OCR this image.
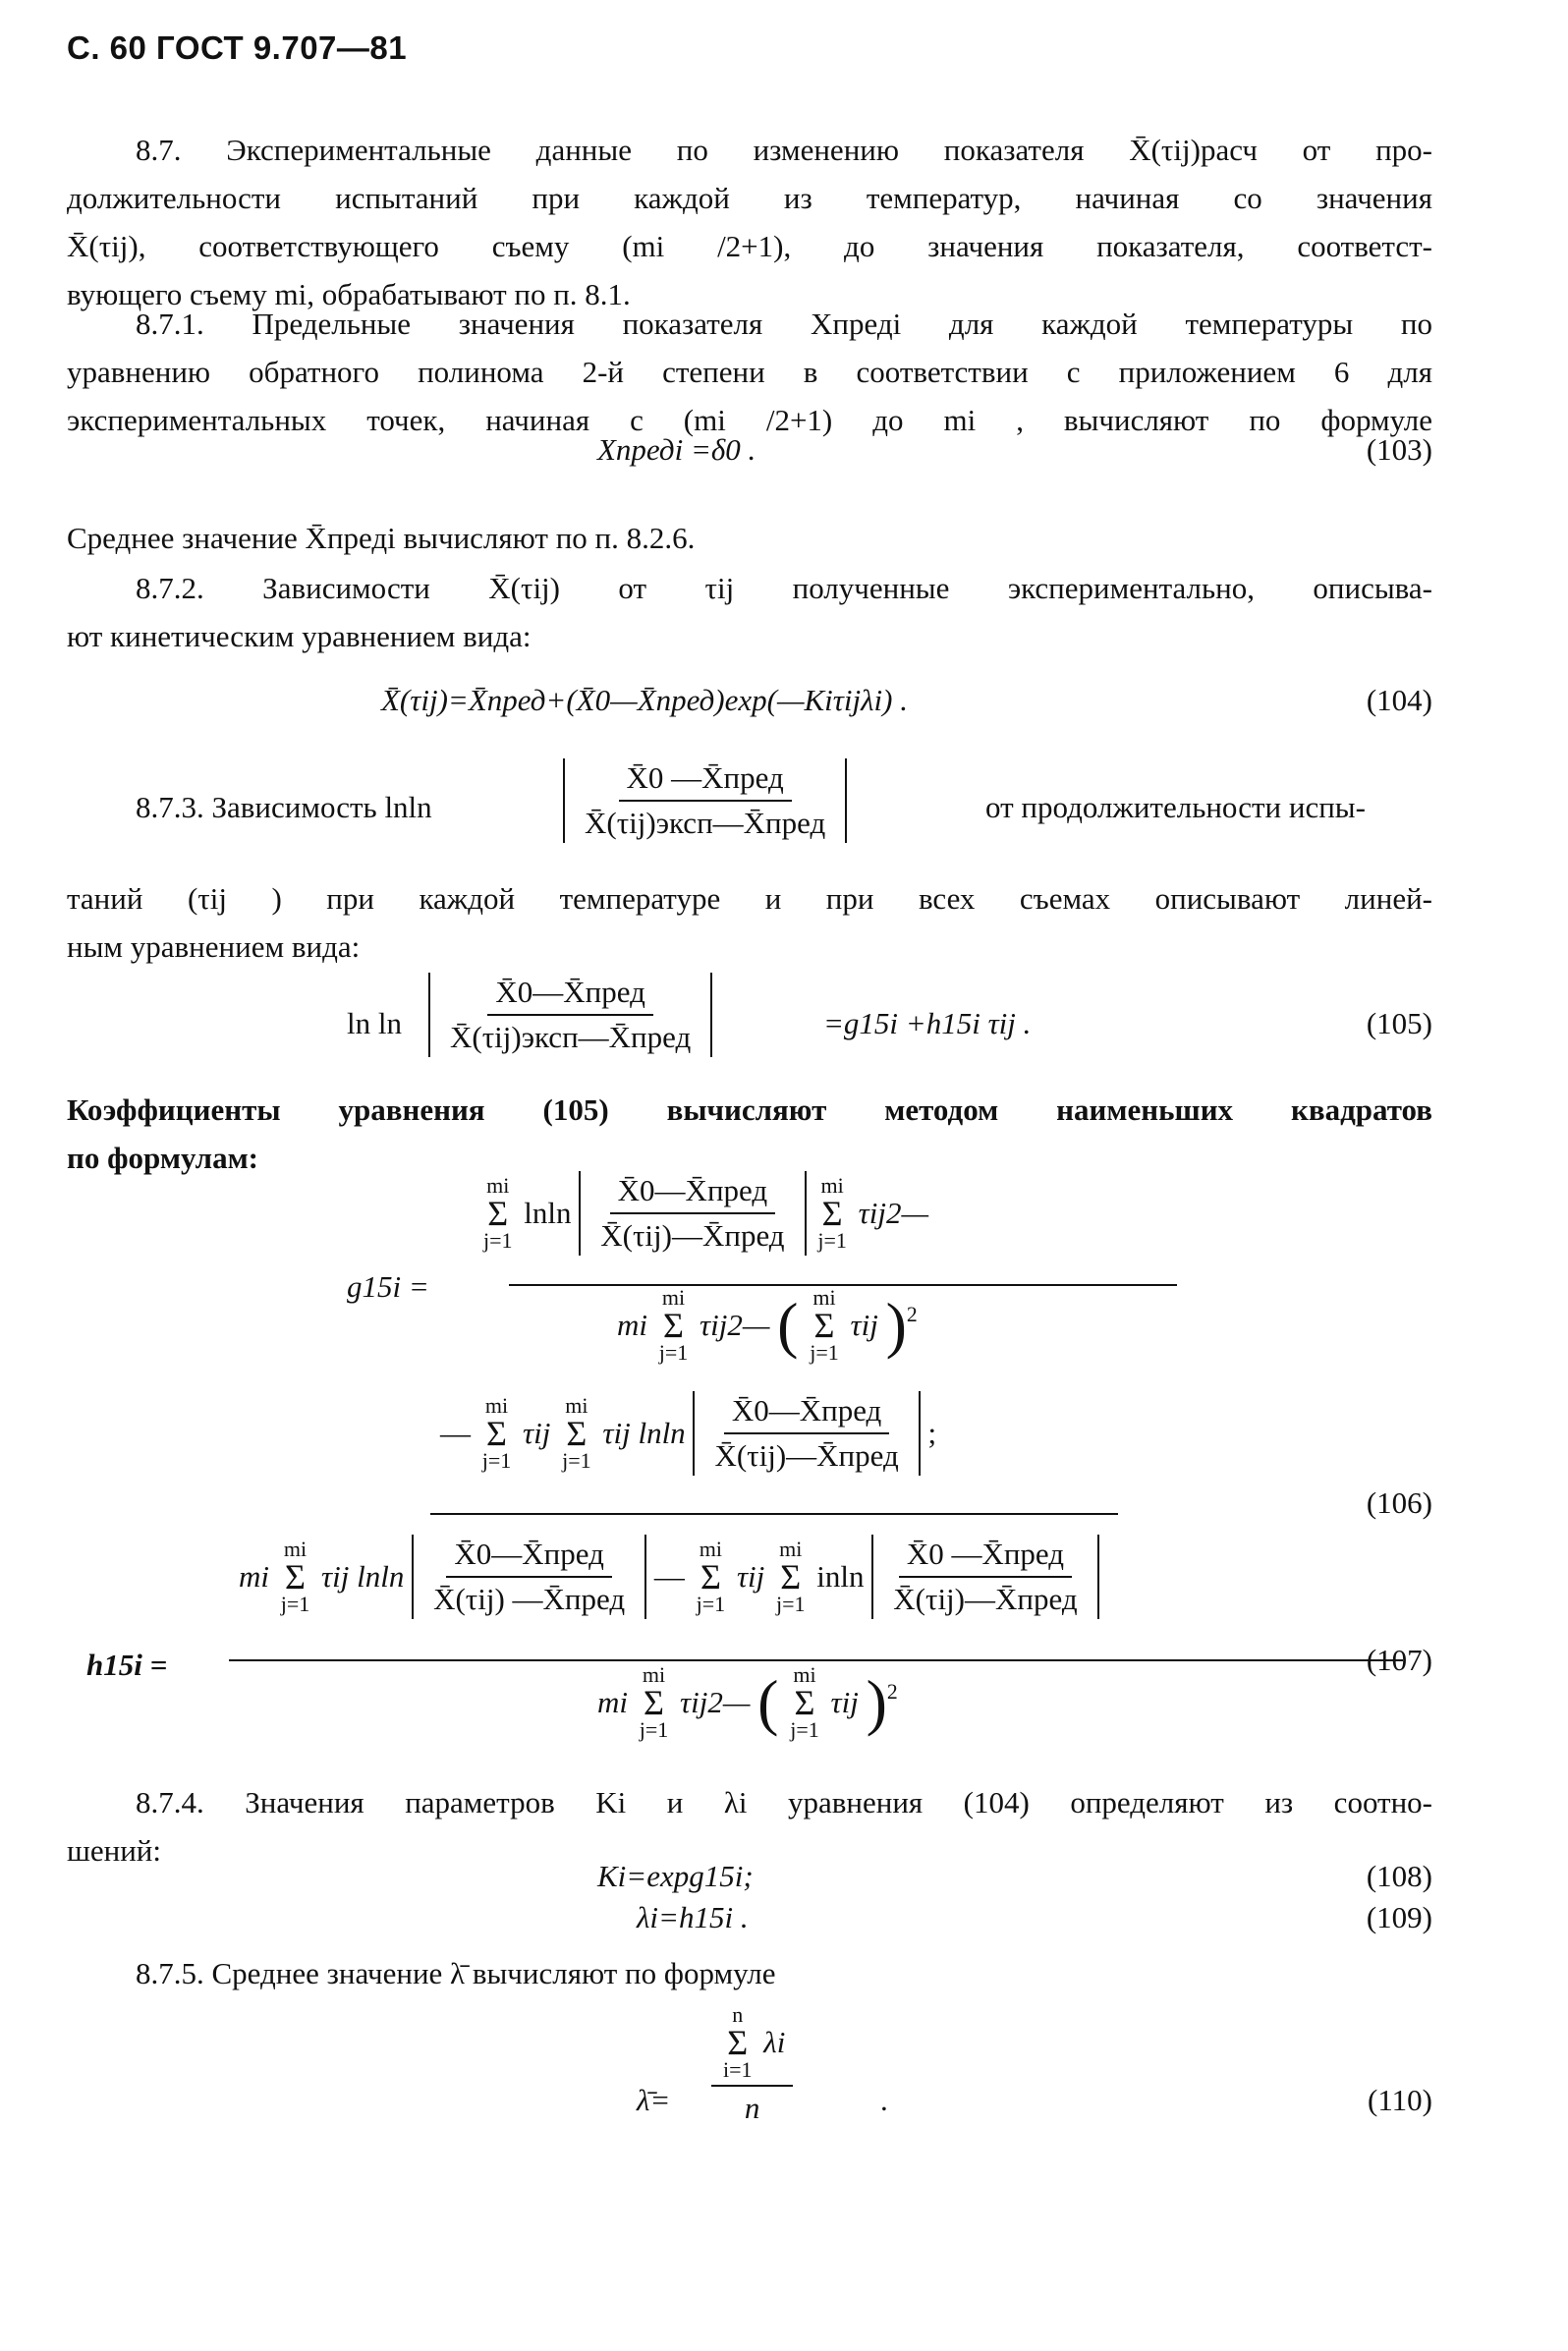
С. 60 ГОСТ 9.707—81
8.7. Экспериментальные данные по изменению показателя X̄(τij)расч от про-
должительности испытаний при каждой из температур, начиная со значения
X̄(τij), соответствующего съему (mi /2+1), до значения показателя, соответст-
вующего съему mi, обрабатывают по п. 8.1.
8.7.1. Предельные значения показателя Xпредi для каждой температуры по
уравнению обратного полинома 2-й степени в соответствии с приложением 6 для
экспериментальных точек, начиная с (mi /2+1) до mi , вычисляют по формуле
Xпредi =δ0 .	(103)
Среднее значение X̄предi вычисляют по п. 8.2.6.
8.7.2. Зависимости X̄(τij) от τij полученные экспериментально, описыва-
ют кинетическим уравнением вида:
X̄(τij)=X̄пред+(X̄0—X̄пред)exp(—Kiτijλi) .	(104)
8.7.3. Зависимость lnln	$\frac{\text{X̄0 —X̄пред}}{\text{X̄(τij)эксп—X̄пред}}$	от продолжительности испы-
таний (τij ) при каждой температуре и при всех съемах описывают линей-
ным уравнением вида:
$\ln \ln \frac{\text{X̄0—X̄пред}}{\text{X̄(τij)эксп—X̄пред}}$	=g15i +h15i τij .	(105)
Коэффициенты уравнения (105) вычисляют методом наименьших квадратов
по формулам:
g15i =
mi
Σ
j=1
lnln $\frac{\text{X̄0—X̄пред}}{\text{X̄(τij)—X̄пред}}$
mi
Σ
j=1
τij2—
mi
mi
Σ
j=1
τij2— ( mi
Σ
j=1
τij )$^2$
—
mi
Σ
j=1
τij
mi
Σ
j=1
τij lnln $\frac{\text{X̄0—X̄пред}}{\text{X̄(τij)—X̄пред}}$ ;
(106)
h15i =
mi
mi
Σ
j=1
τij lnln $\frac{\text{X̄0—X̄пред}}{\text{X̄(τij) —X̄пред}}$ —
mi
Σ
j=1
τij
mi
Σ
j=1
inln $\frac{\text{X̄0 —X̄пред}}{\text{X̄(τij)—X̄пред}}$
mi
mi
Σ
j=1
τij2— ( mi
Σ
j=1
τij )$^2$
(107)
8.7.4. Значения параметров Ki и λi уравнения (104) определяют из соотно-
шений:
Ki=expg15i;	(108)
λi=h15i .	(109)
8.7.5. Среднее значение λ̄ вычисляют по формуле
λ̄= n
Σ
i=1
λi
n	.	(110)
